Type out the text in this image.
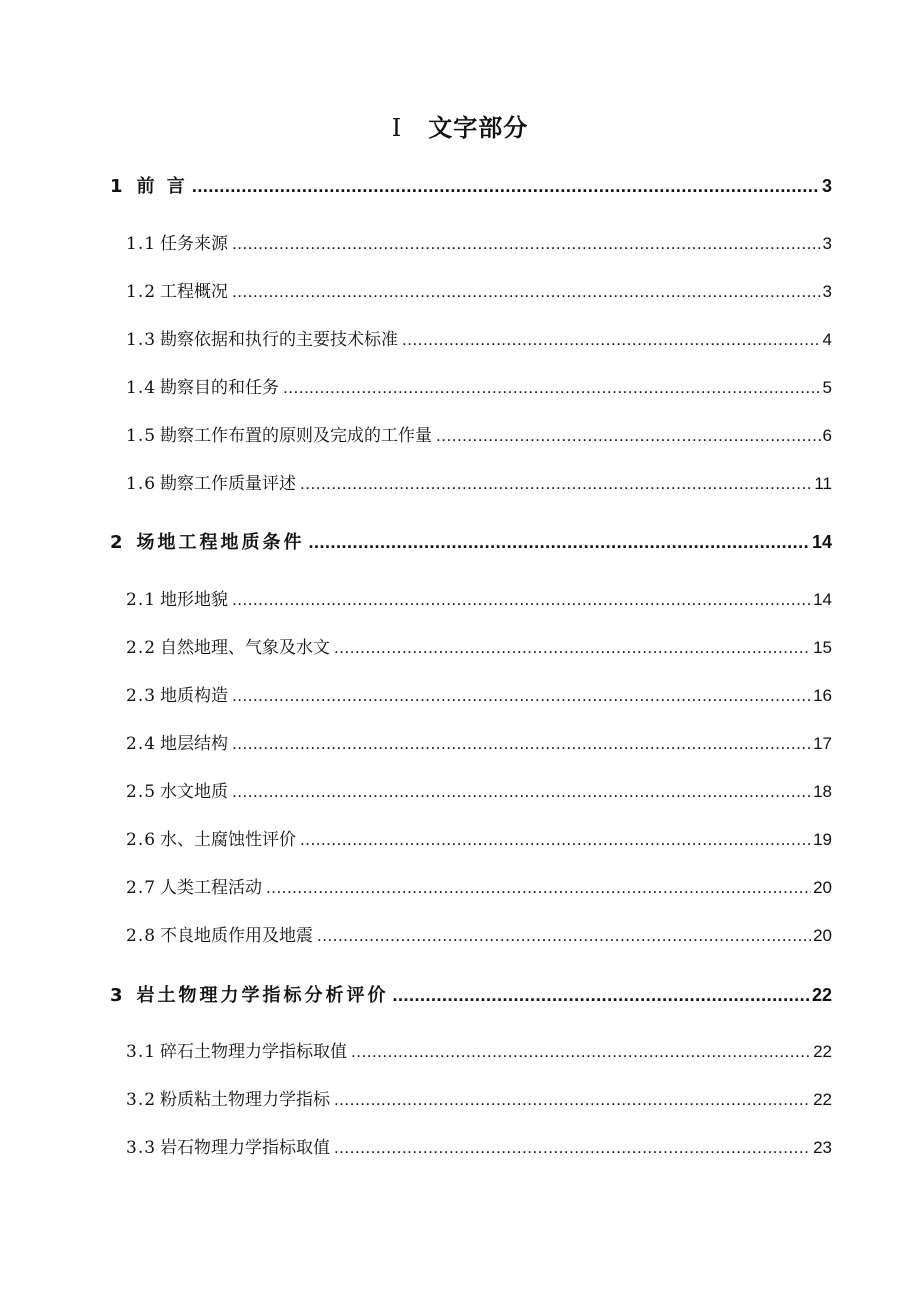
Ⅰ 文字部分
1 前 言 .....	3
1.1 任务来源 .....	3
1.2 工程概况 .....	3
1.3 勘察依据和执行的主要技术标准 .....	4
1.4 勘察目的和任务 .....	5
1.5 勘察工作布置的原则及完成的工作量 .....	6
1.6 勘察工作质量评述 .....	11
2 场地工程地质条件 .....	14
2.1 地形地貌 .....	14
2.2 自然地理、气象及水文 .....	15
2.3 地质构造 .....	16
2.4 地层结构 .....	17
2.5 水文地质 .....	18
2.6 水、土腐蚀性评价 .....	19
2.7 人类工程活动 .....	20
2.8 不良地质作用及地震 .....	20
3 岩土物理力学指标分析评价 .....	22
3.1 碎石土物理力学指标取值 .....	22
3.2 粉质粘土物理力学指标 .....	22
3.3 岩石物理力学指标取值 .....	23
